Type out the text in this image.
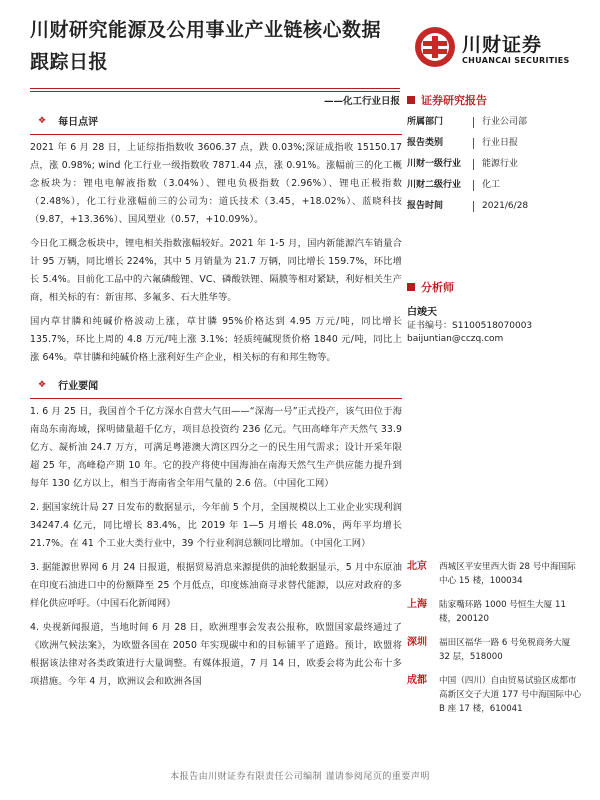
川财研究能源及公用事业产业链核心数据跟踪日报
川财证券
CHUANCAI SECURITIES
——化工行业日报
❖ 每日点评

2021 年 6 月 28 日，上证综指指数收 3606.37 点，跌 0.03%;深证成指收 15150.17 点，涨 0.98%; wind 化工行业一级指数收 7871.44 点，涨 0.91%。涨幅前三的化工概念板块为：锂电电解液指数（3.04%）、锂电负极指数（2.96%）、锂电正极指数（2.48%），化工行业涨幅前三的公司为：道氏技术（3.45，+18.02%）、蓝晓科技（9.87，+13.36%）、国风塑业（0.57，+10.09%）。

今日化工概念板块中，锂电相关指数涨幅较好。2021 年 1-5 月，国内新能源汽车销量合计 95 万辆，同比增长 224%，其中 5 月销量为 21.7 万辆，同比增长 159.7%，环比增长 5.4%。目前化工品中的六氟磷酸锂、VC、磷酸铁锂、隔膜等相对紧缺，利好相关生产商，相关标的有：新宙邦、多氟多、石大胜华等。

国内草甘膦和纯碱价格波动上涨，草甘膦 95%价格达到 4.95 万元/吨，同比增长 135.7%，环比上周的 4.8 万元/吨上涨 3.1%；轻质纯碱现货价格 1840 元/吨，同比上涨 64%。草甘膦和纯碱价格上涨利好生产企业，相关标的有和邦生物等。

❖ 行业要闻

1. 6 月 25 日，我国首个千亿方深水自营大气田——“深海一号”正式投产，该气田位于海南岛东南海域，探明储量超千亿方，项目总投资约 236 亿元。气田高峰年产天然气 33.9 亿方、凝析油 24.7 万方，可满足粤港澳大湾区四分之一的民生用气需求；设计开采年限超 25 年，高峰稳产期 10 年。它的投产将使中国海油在南海天然气生产供应能力提升到每年 130 亿方以上，相当于海南省全年用气量的 2.6 倍。（中国化工网）

2. 据国家统计局 27 日发布的数据显示，今年前 5 个月，全国规模以上工业企业实现利润 34247.4 亿元，同比增长 83.4%，比 2019 年 1—5 月增长 48.0%，两年平均增长 21.7%。在 41 个工业大类行业中，39 个行业利润总额同比增加。（中国化工网）

3. 据能源世界网 6 月 24 日报道，根据贸易消息来源提供的油轮数据显示，5 月中东原油在印度石油进口中的份额降至 25 个月低点，印度炼油商寻求替代能源，以应对政府的多样化供应呼吁。（中国石化新闻网）

4. 央视新闻报道，当地时间 6 月 28 日，欧洲理事会发表公报称，欧盟国家最终通过了《欧洲气候法案》，为欧盟各国在 2050 年实现碳中和的目标铺平了道路。预计，欧盟将根据该法律对各类政策进行大量调整。有媒体报道，7 月 14 日，欧委会将为此公布十多项措施。今年 4 月，欧洲议会和欧洲各国

证券研究报告
所属部门	行业公司部
报告类别	行业日报
川财一级行业	能源行业
川财二级行业	化工
报告时间	2021/6/28
分析师
白竣天
证书编号：S1100518070003
baijuntian@cczq.com
北京	西城区平安里西大街 28 号中海国际中心 15 楼，100034
上海	陆家嘴环路 1000 号恒生大厦 11 楼，200120
深圳	福田区福华一路 6 号免税商务大厦 32 层，518000
成都	中国（四川）自由贸易试验区成都市高新区交子大道 177 号中海国际中心 B 座 17 楼，610041
本报告由川财证券有限责任公司编制 谨请参阅尾页的重要声明
